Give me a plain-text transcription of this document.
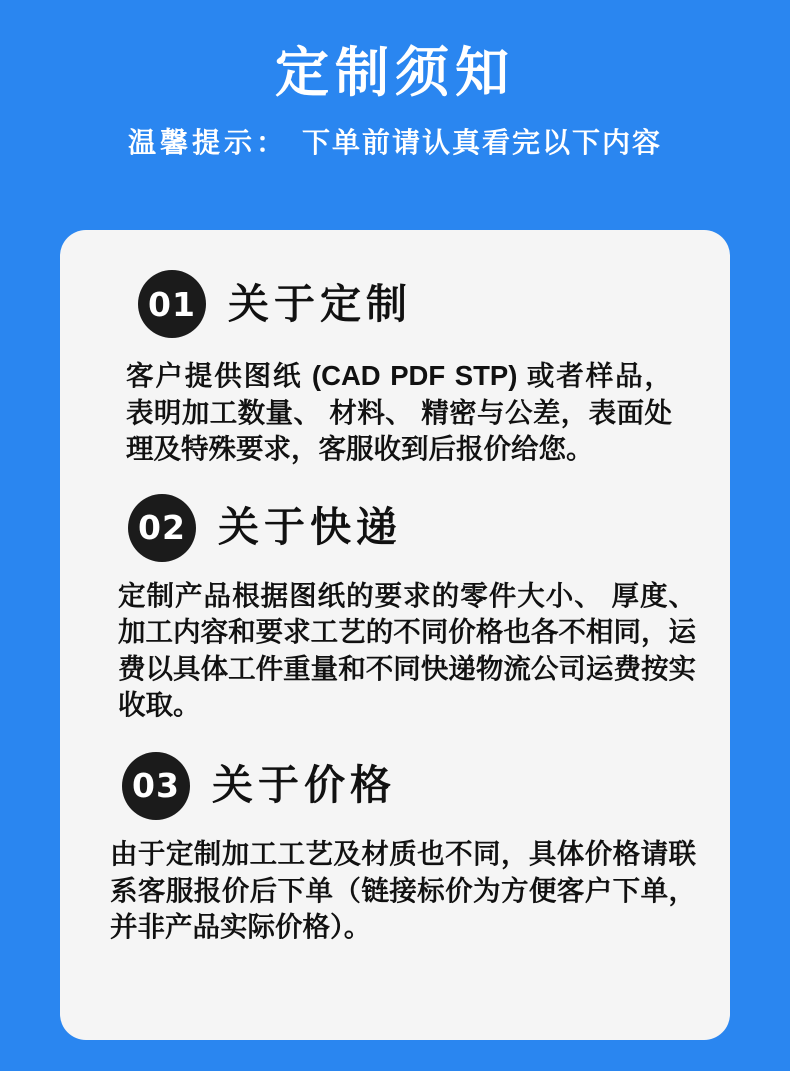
定制须知
温馨提示： 下单前请认真看完以下内容
01 关于定制
客户提供图纸 (CAD PDF STP) 或者样品，表明加工数量、 材料、 精密与公差，表面处理及特殊要求，客服收到后报价给您。
02 关于快递
定制产品根据图纸的要求的零件大小、 厚度、加工内容和要求工艺的不同价格也各不相同，运费以具体工件重量和不同快递物流公司运费按实收取。
03 关于价格
由于定制加工工艺及材质也不同，具体价格请联系客服报价后下单（链接标价为方便客户下单，并非产品实际价格）。
